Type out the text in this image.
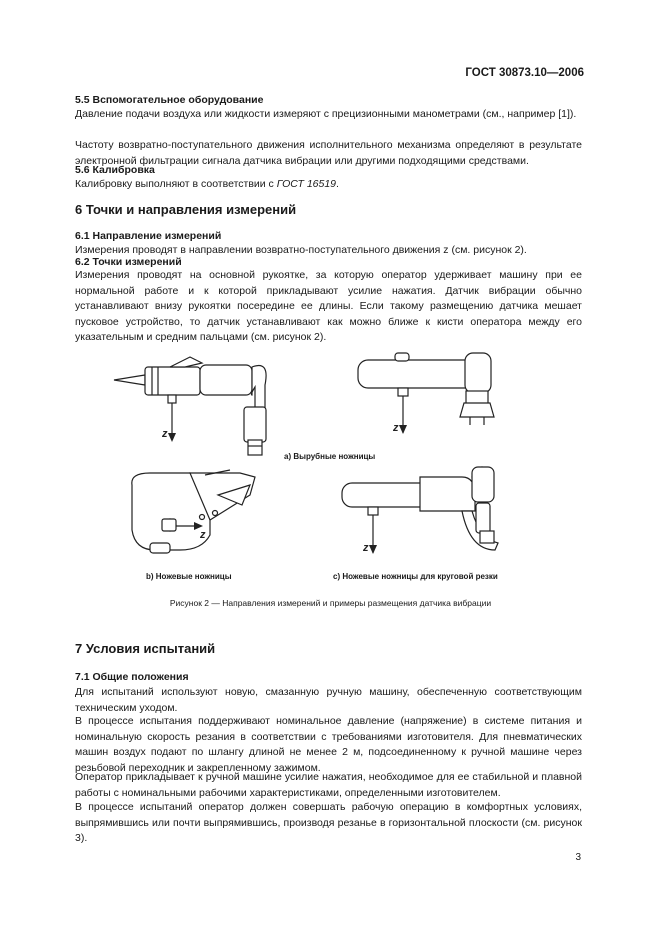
ГОСТ 30873.10—2006
5.5 Вспомогательное оборудование
Давление подачи воздуха или жидкости измеряют с прецизионными манометрами (см., например [1]).
Частоту возвратно-поступательного движения исполнительного механизма определяют в результате электронной фильтрации сигнала датчика вибрации или другими подходящими средствами.
5.6 Калибровка
Калибровку выполняют в соответствии с ГОСТ 16519.
6 Точки и направления измерений
6.1 Направление измерений
Измерения проводят в направлении возвратно-поступательного движения z (см. рисунок 2).
6.2 Точки измерений
Измерения проводят на основной рукоятке, за которую оператор удерживает машину при ее нормальной работе и к которой прикладывают усилие нажатия. Датчик вибрации обычно устанавливают внизу рукоятки посередине ее длины. Если такому размещению датчика мешает пусковое устройство, то датчик устанавливают как можно ближе к кисти оператора между его указательным и средним пальцами (см. рисунок 2).
z	z
z
z
а) Вырубные ножницы
b) Ножевые ножницы	с) Ножевые ножницы для круговой резки
Рисунок 2 — Направления измерений и примеры размещения датчика вибрации
7 Условия испытаний
7.1 Общие положения
Для испытаний используют новую, смазанную ручную машину, обеспеченную соответствующим техническим уходом.
В процессе испытания поддерживают номинальное давление (напряжение) в системе питания и номинальную скорость резания в соответствии с требованиями изготовителя. Для пневматических машин воздух подают по шлангу длиной не менее 2 м, подсоединенному к ручной машине через резьбовой переходник и закрепленному зажимом.
Оператор прикладывает к ручной машине усилие нажатия, необходимое для ее стабильной и плавной работы с номинальными рабочими характеристиками, определенными изготовителем.
В процессе испытаний оператор должен совершать рабочую операцию в комфортных условиях, выпрямившись или почти выпрямившись, производя резанье в горизонтальной плоскости (см. рисунок 3).
3
